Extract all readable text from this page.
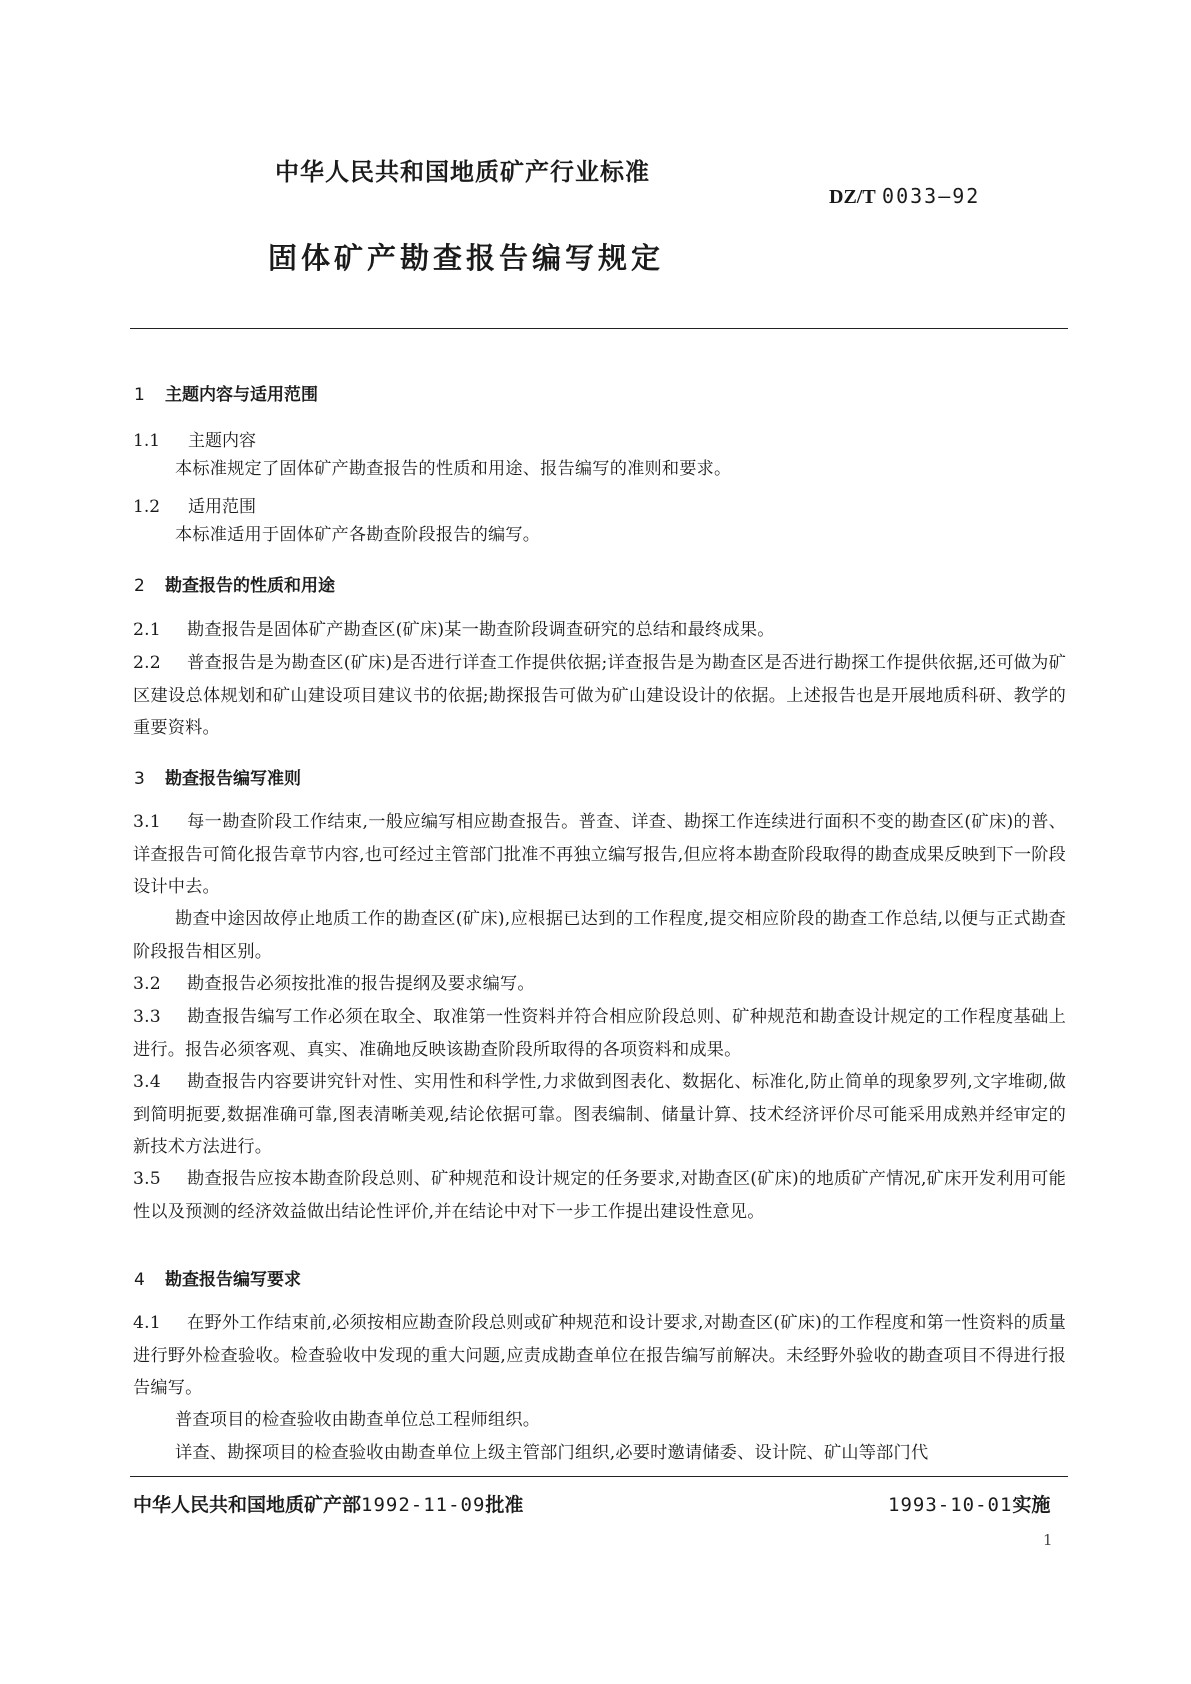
中华人民共和国地质矿产行业标准
DZ/T 0033—92
固体矿产勘查报告编写规定
1 主题内容与适用范围
1.1 主题内容
本标准规定了固体矿产勘查报告的性质和用途、报告编写的准则和要求。
1.2 适用范围
本标准适用于固体矿产各勘查阶段报告的编写。
2 勘查报告的性质和用途
2.1 勘查报告是固体矿产勘查区(矿床)某一勘查阶段调查研究的总结和最终成果。
2.2 普查报告是为勘查区(矿床)是否进行详查工作提供依据;详查报告是为勘查区是否进行勘探工作提供依据,还可做为矿区建设总体规划和矿山建设项目建议书的依据;勘探报告可做为矿山建设设计的依据。上述报告也是开展地质科研、教学的重要资料。
3 勘查报告编写准则
3.1 每一勘查阶段工作结束,一般应编写相应勘查报告。普查、详查、勘探工作连续进行面积不变的勘查区(矿床)的普、详查报告可简化报告章节内容,也可经过主管部门批准不再独立编写报告,但应将本勘查阶段取得的勘查成果反映到下一阶段设计中去。
勘查中途因故停止地质工作的勘查区(矿床),应根据已达到的工作程度,提交相应阶段的勘查工作总结,以便与正式勘查阶段报告相区别。
3.2 勘查报告必须按批准的报告提纲及要求编写。
3.3 勘查报告编写工作必须在取全、取准第一性资料并符合相应阶段总则、矿种规范和勘查设计规定的工作程度基础上进行。报告必须客观、真实、准确地反映该勘查阶段所取得的各项资料和成果。
3.4 勘查报告内容要讲究针对性、实用性和科学性,力求做到图表化、数据化、标准化,防止简单的现象罗列,文字堆砌,做到简明扼要,数据准确可靠,图表清晰美观,结论依据可靠。图表编制、储量计算、技术经济评价尽可能采用成熟并经审定的新技术方法进行。
3.5 勘查报告应按本勘查阶段总则、矿种规范和设计规定的任务要求,对勘查区(矿床)的地质矿产情况,矿床开发利用可能性以及预测的经济效益做出结论性评价,并在结论中对下一步工作提出建设性意见。
4 勘查报告编写要求
4.1 在野外工作结束前,必须按相应勘查阶段总则或矿种规范和设计要求,对勘查区(矿床)的工作程度和第一性资料的质量进行野外检查验收。检查验收中发现的重大问题,应责成勘查单位在报告编写前解决。未经野外验收的勘查项目不得进行报告编写。
普查项目的检查验收由勘查单位总工程师组织。
详查、勘探项目的检查验收由勘查单位上级主管部门组织,必要时邀请储委、设计院、矿山等部门代
中华人民共和国地质矿产部1992-11-09批准	1993-10-01实施
1
